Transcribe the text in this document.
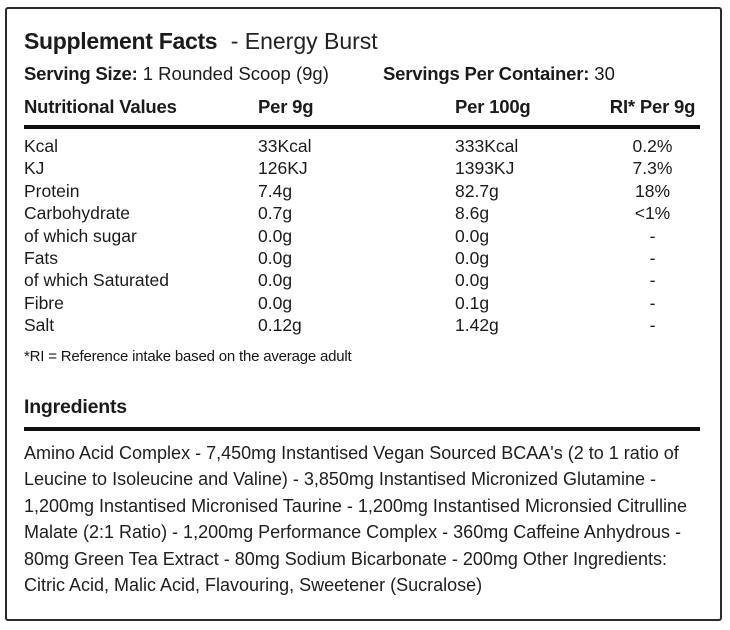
Supplement Facts - Energy Burst
Serving Size: 1 Rounded Scoop (9g)	Servings Per Container: 30
Nutritional Values	Per 9g	Per 100g	RI* Per 9g
Kcal	33Kcal	333Kcal	0.2%
KJ	126KJ	1393KJ	7.3%
Protein	7.4g	82.7g	18%
Carbohydrate	0.7g	8.6g	<1%
of which sugar	0.0g	0.0g	-
Fats	0.0g	0.0g	-
of which Saturated	0.0g	0.0g	-
Fibre	0.0g	0.1g	-
Salt	0.12g	1.42g	-
*RI = Reference intake based on the average adult
Ingredients
Amino Acid Complex - 7,450mg Instantised Vegan Sourced BCAA's (2 to 1 ratio of Leucine to Isoleucine and Valine) - 3,850mg Instantised Micronized Glutamine - 1,200mg Instantised Micronised Taurine - 1,200mg Instantised Micronsied Citrulline Malate (2:1 Ratio) - 1,200mg Performance Complex - 360mg Caffeine Anhydrous - 80mg Green Tea Extract - 80mg Sodium Bicarbonate - 200mg Other Ingredients: Citric Acid, Malic Acid, Flavouring, Sweetener (Sucralose)
